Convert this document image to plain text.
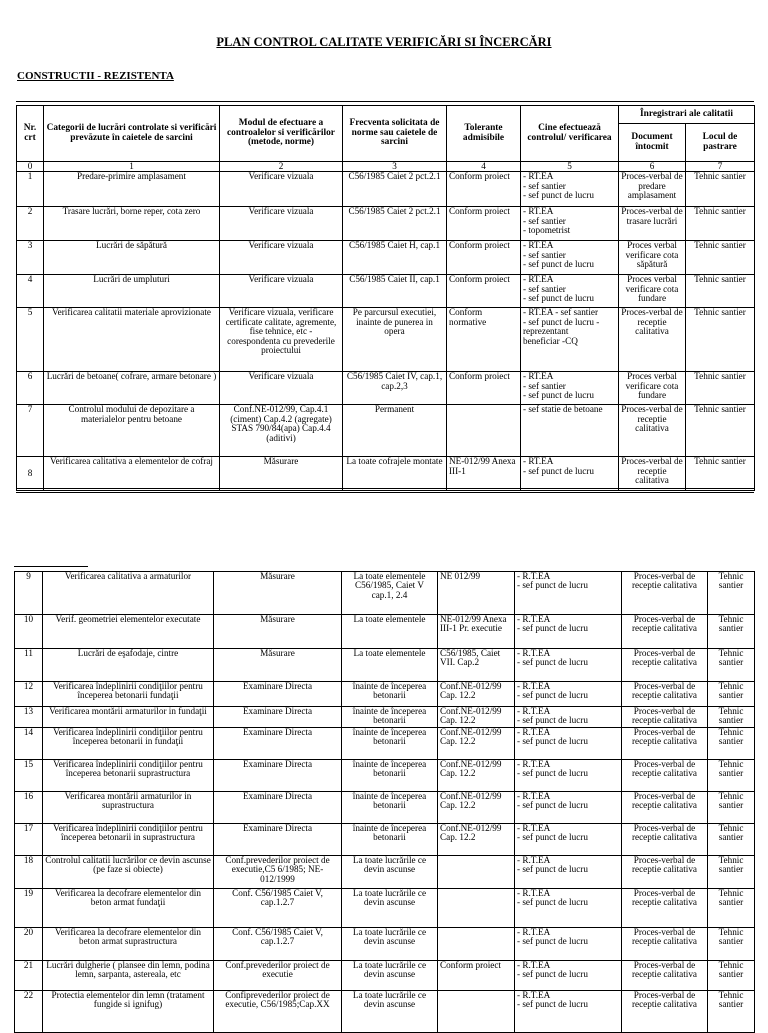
PLAN CONTROL CALITATE VERIFICĂRI SI ÎNCERCĂRI
CONSTRUCTII - REZISTENTA
Nr. crt	Categorii de lucrări controlate si verificări prevăzute în caietele de sarcini	Modul de efectuare a controalelor si verificărilor (metode, norme)	Frecventa solicitata de norme sau caietele de sarcini	Tolerante admisibile	Cine efectuează controlul/ verificarea	Înregistrari ale calitatii	
						Document întocmit	Locul de pastrare
0	1	2	3	4	5	6	7
1	Predare-primire amplasament	Verificare vizuala	C56/1985 Caiet 2 pct.2.1	Conform proiect	- RT.EA
- sef santier
- sef punct de lucru	Proces-verbal de predare amplasament	Tehnic santier
2	Trasare lucrări, borne reper, cota zero	Verificare vizuala	C56/1985 Caiet 2 pct.2.1	Conform proiect	- RT.EA
- sef santier
- topometrist	Proces-verbal de trasare lucrări	Tehnic santier
3	Lucrări de săpătură	Verificare vizuala	C56/1985 Caiet H, cap.1	Conform proiect	- RT.EA
- sef santier
- sef punct de lucru	Proces verbal verificare cota săpătură	Tehnic santier
4	Lucrări de umpluturi	Verificare vizuala	C56/1985 Caiet II, cap.1	Conform proiect	- RT.EA
- sef santier
- sef punct de lucru	Proces verbal verificare cota fundare	Tehnic santier
5	Verificarea calitatii materiale aprovizionate	Verificare vizuala, verificare certificate calitate, agremente, fise tehnice, etc - corespondenta cu prevederile proiectului	Pe parcursul executiei, inainte de punerea in opera	Conform normative	- RT.EA - sef santier
- sef punct de lucru -
reprezentant
beneficiar -CQ	Proces-verbal de receptie calitativa	Tehnic santier
6	Lucrări de betoane( cofrare, armare betonare )	Verificare vizuala	C56/1985 Caiet IV, cap.1, cap.2,3	Conform proiect	- RT.EA
- sef santier
- sef punct de lucru	Proces verbal verificare cota fundare	Tehnic santier
7	Controlul modului de depozitare a materialelor pentru betoane	Conf.NE-012/99, Cap.4.1 (ciment) Cap.4.2 (agregate) STAS 790/84(apa) Cap.4.4 (aditivi)	Permanent		- sef statie de betoane	Proces-verbal de receptie calitativa	Tehnic santier
8	Verificarea calitativa a elementelor de cofraj	Măsurare	La toate cofrajele montate	NE-012/99 Anexa III-1	- RT.EA
- sef punct de lucru	Proces-verbal de receptie calitativa	Tehnic santier
9	Verificarea calitativa a armaturilor	Măsurare	La toate elementele C56/1985, Caiet V cap.1, 2.4	NE 012/99	- R.T.EA
- sef punct de lucru	Proces-verbal de receptie calitativa	Tehnic santier
10	Verif. geometriei elementelor executate	Măsurare	La toate elementele	NE-012/99 Anexa III-1 Pr. executie	- R.T.EA
- sef punct de lucru	Proces-verbal de receptie calitativa	Tehnic santier
11	Lucrări de eşafodaje, cintre	Măsurare	La toate elementele	C56/1985, Caiet VII. Cap.2	- R.T.EA
- sef punct de lucru	Proces-verbal de receptie calitativa	Tehnic santier
12	Verificarea îndeplinirii condiţiilor pentru începerea betonarii fundaţii	Examinare Directa	înainte de începerea betonarii	Conf.NE-012/99 Cap. 12.2	- R.T.EA
- sef punct de lucru	Proces-verbal de receptie calitativa	Tehnic santier
13	Verificarea montării armaturilor in fundaţii	Examinare Directa	înainte de începerea betonarii	Conf.NE-012/99 Cap. 12.2	- R.T.EA
- sef punct de lucru	Proces-verbal de receptie calitativa	Tehnic santier
14	Verificarea îndeplinirii condiţiilor pentru începerea betonarii in fundaţii	Examinare Directa	înainte de începerea betonarii	Conf.NE-012/99 Cap. 12.2	- R.T.EA
- sef punct de lucru	Proces-verbal de receptie calitativa	Tehnic santier
15	Verificarea îndeplinirii condiţiilor pentru începerea betonarii suprastructura	Examinare Directa	înainte de începerea betonarii	Conf.NE-012/99 Cap. 12.2	- R.T.EA
- sef punct de lucru	Proces-verbal de receptie calitativa	Tehnic santier
16	Verificarea montării armaturilor in suprastructura	Examinare Directa	înainte de începerea betonarii	Conf.NE-012/99 Cap. 12.2	- R.T.EA
- sef punct de lucru	Proces-verbal de receptie calitativa	Tehnic santier
17	Verificarea îndeplinirii condiţiilor pentru începerea betonarii in suprastructura	Examinare Directa	înainte de începerea betonarii	Conf.NE-012/99 Cap. 12.2	- R.T.EA
- sef punct de lucru	Proces-verbal de receptie calitativa	Tehnic santier
18	Controlul calitatii lucrărilor ce devin ascunse (pe faze si obiecte)	Conf.prevederilor proiect de executie,C5 6/1985; NE-012/1999	La toate lucrările ce devin ascunse		- R.T.EA
- sef punct de lucru	Proces-verbal de receptie calitativa	Tehnic santier
19	Verificarea la decofrare elementelor din beton armat fundaţii	Conf. C56/1985 Caiet V, cap.1.2.7	La toate lucrările ce devin ascunse		- R.T.EA
- sef punct de lucru	Proces-verbal de receptie calitativa	Tehnic santier
20	Verificarea la decofrare elementelor din beton armat suprastructura	Conf. C56/1985 Caiet V, cap.1.2.7	La toate lucrările ce devin ascunse		- R.T.EA
- sef punct de lucru	Proces-verbal de receptie calitativa	Tehnic santier
21	Lucrări dulgherie ( plansee din lemn, podina lemn, sarpanta, astereala, etc	Conf.prevederilor proiect de executie	La toate lucrările ce devin ascunse	Conform proiect	- R.T.EA
- sef punct de lucru	Proces-verbal de receptie calitativa	Tehnic santier
22	Protectia elementelor din lemn (tratament fungide si ignifug)	Confiprevederilor proiect de executie, C56/1985;Cap.XX	La toate lucrările ce devin ascunse		- R.T.EA
- sef punct de lucru	Proces-verbal de receptie calitativa	Tehnic santier
